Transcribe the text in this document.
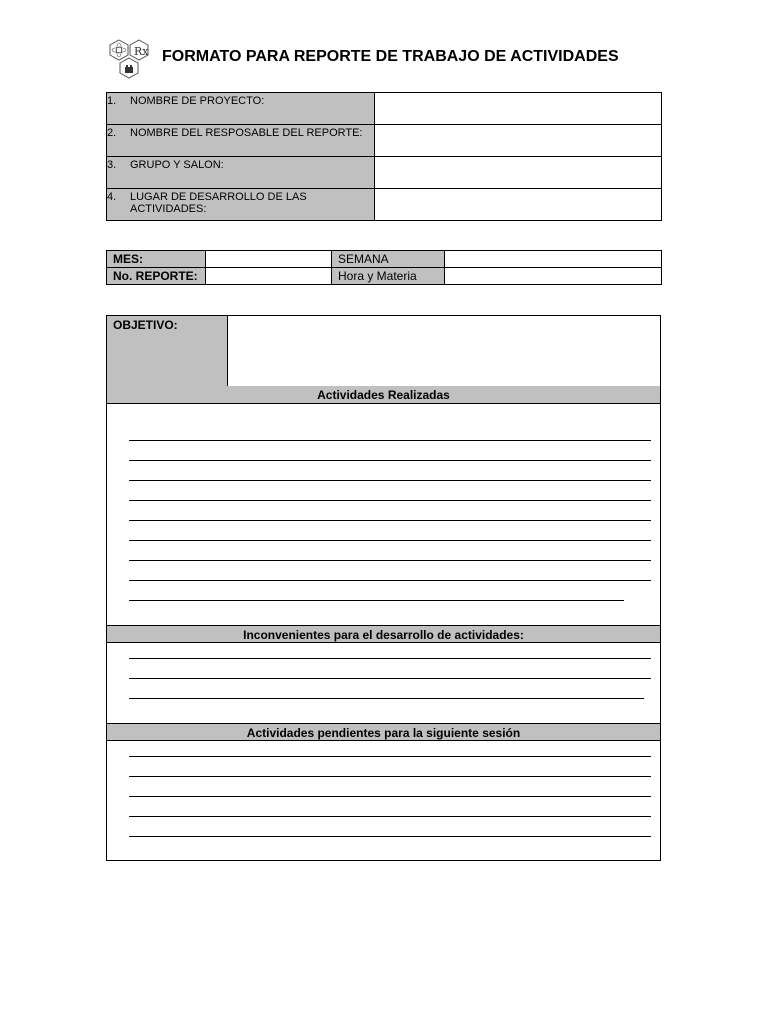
Rx FORMATO PARA REPORTE DE TRABAJO DE ACTIVIDADES
1. NOMBRE DE PROYECTO:	

2. NOMBRE DEL RESPOSABLE DEL REPORTE:	

3. GRUPO Y SALON:	

4. LUGAR DE DESARROLLO DE LAS ACTIVIDADES:	

MES:		SEMANA	
No. REPORTE:		Hora y Materia	
OBJETIVO:
Actividades Realizadas
Inconvenientes para el desarrollo de actividades:
Actividades pendientes para la siguiente sesión
